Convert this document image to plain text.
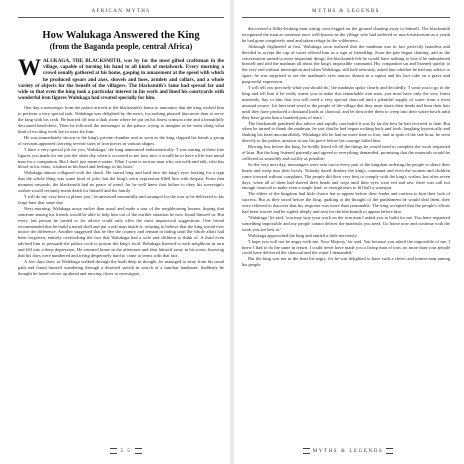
AFRICAN MYTHS
How Walukaga Answered the King
(from the Baganda people, central Africa)
WALUKAGA, THE BLACKSMITH, was by far the most gifted craftsman in the village, capable of turning his hand to all kinds of metalwork. Every morning a crowd usually gathered at his home, gasping in amazement at the speed with which he produced spears and axes, shovels and hoes, armlets and collars, and a whole variety of objects for the benefit of the villagers. The blacksmith's fame had spread far and wide so that even the king took a particular interest in his work and lined his courtyards with wonderful iron figures Walukaga had created specially for him.

One day a messenger from the palace arrived at the blacksmith's home to announce that the king wished him to perform a very special task. Walukaga was delighted by the news, for nothing pleased him more than to serve the king with his craft. He hurried off into a dark room where he put on his finest crimson robe and a beautifully decorated head-dress. Then he followed the messenger to the palace, trying to imagine as he went along what kind of exciting work lay in store for him.

He was immediately shown to the king's private chamber and as soon as the king clapped his hands a group of servants appeared carrying several sizes of iron pieces in various shapes.

'I have a very special job for you, Walukaga,' the king announced enthusiastically. 'I was staring at these fine figures you made for me just the other day when it occurred to me how nice it would be to have a life-size metal man for a companion. But I don't just mean a statue. What I want is an iron man who can walk and talk, who has blood in his veins, wisdom in his head and feelings in his heart.'

Walukaga almost collapsed with the shock. He stared long and hard into the king's eyes looking for a sign that the whole thing was some kind of joke, but the king's stern expression filled him with despair. From that moment onwards, the blacksmith had no peace of mind, for he well knew that failure to obey his sovereign's wishes would certainly mean death for himself and his family.

'I will do my very best to please you,' he answered mournfully and arranged for the iron to be delivered to his forge later that same day.

Next morning, Walukaga arose earlier than usual and made a tour of the neighbouring houses, hoping that someone among his friends would be able to help him out of the terrible situation he now found himself in. But every last person he turned to for advice could only offer the most impractical suggestions. One friend recommended that he build a metal shell and put a real man inside it, refusing to believe that the king would ever notice the difference. Another suggested that he flee the country and remain in hiding until the whole affair had been forgotten, entirely overlooking the fact that Walukaga had a wife and children to think of. A third even advised him to persuade the palace cook to poison the king's food. Walukaga listened to each neighbour in turn and fell into a deep depression. He returned home in the afternoon and shut himself away in his room, knowing that his days were numbered and trying desperately hard to come to terms with that fact.

A few days later, as Walukaga walked through the bush deep in thought, he managed to stray from his usual path and found himself wandering through a deserted stretch in search of a familiar landmark. Suddenly he thought he heard voices up ahead and moving closer to investigate,

5 5
MYTHS & LEGENDS

discovered a filthy-looking man sitting cross-legged on the ground chatting away to himself. The blacksmith recognized the man as someone once well-known in the village who had suffered so much misfortune as a youth he had gone completely mad and taken refuge in the wilderness.

Although frightened at first, Walukaga soon realized that the madman was in fact perfectly harmless and decided to accept the cup of water offered him as a sign of friendship. Soon the pair began chatting, and as the conversation turned to more important things, the blacksmith felt he would have nothing to lose if he unburdened himself and told the madman all about the king's impossible command. His companion sat and listened quietly to the very end without interruption and when Walukaga, still half-seriously, asked him whether he had any advice to spare, he was surprised to see the madman's eyes narrow almost in a squint and his face take on a grave and purposeful expression.

'I will tell you precisely what you should do,' the madman spoke clearly and decidedly. 'I want you to go to the king and tell him if he really wants you to make this remarkable iron man, you must have only the very finest materials. Say to him that you will need a very special charcoal and a plentiful supply of water from a most unusual source. Let him send word to the people of the village that they must shave their heads and burn their hair until they have produced a thousand loads of charcoal, and let him order them to weep into their water-bowls until they have given him a hundred pots of tears.'

The blacksmith pondered this advice and rapidly concluded it was by far the best he had received to date. But when he turned to thank the madman, he saw that he had begun rocking back and forth, laughing hysterically and shaking his head uncontrollably. Walukaga felt he had no more time to lose, and in spite of the late hour, he went directly to the palace, anxious to say his piece before his courage failed him.

Bowing low before the king, he boldly listed off all the things he would need to complete the work requested of him. But the king listened patiently and agreed to everything demanded, promising that the materials would be collected as smoothly and swiftly as possible.

So the very next day, messengers were sent out to every part of the kingdom ordering the people to shave their heads and weep into their bowls. Nobody dared disobey the king's command and even the women and children came forward without complaint. The people did their very best to comply with the king's wishes, but after seven days, when all of them had shaved their heads and wept until their eyes were red and raw, there was still not enough charcoal to make even a single load, or enough tears to fill half a waterpot.

The elders of the kingdom had little choice but to appear before their leader and confess to him their lack of success. But as they stood before the king, quaking at the thought of the punishment he would deal them, they were relieved to discover that his response was more than reasonable. The king accepted that the people's efforts had been sincere and he sighed deeply and sent for the blacksmith to appear before him.

'Walukaga,' he said, 'you may stop your work on the iron man I asked you to build for me. You have requested something impossible and my people cannot deliver the materials you need. Go home now and continue with the work you are best at.'

Walukaga approached the king and smiled a little nervously.

'I hope you will not be angry with me, Your Majesty,' he said, 'but because you asked the impossible of me, I knew I had to do the same in return. I could never have made you a living man of iron, no more than your people could have delivered the charcoal and the water I demanded.'

But the king was not in the least bit angry, for he was delighted to have such a clever and honest man among his people.

MYTHS & LEGENDS
